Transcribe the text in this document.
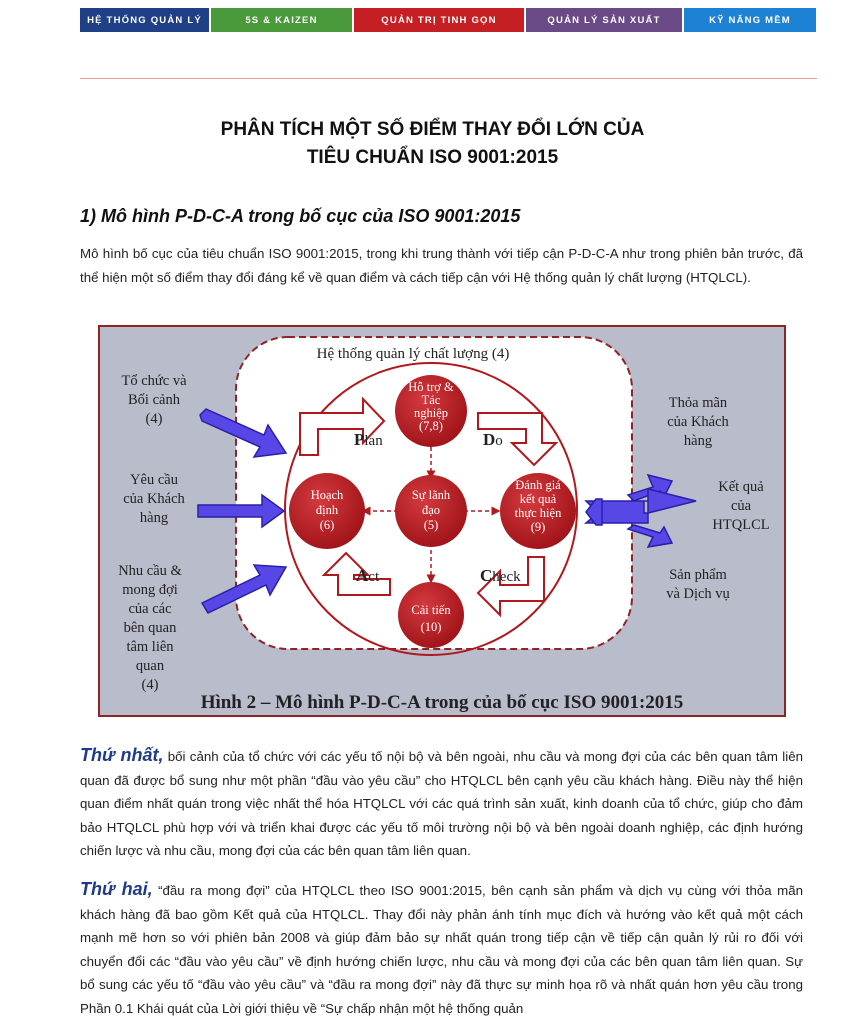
HỆ THỐNG QUẢN LÝ	5S & KAIZEN	QUẢN TRỊ TINH GỌN	QUẢN LÝ SẢN XUẤT	KỸ NĂNG MỀM
PHÂN TÍCH MỘT SỐ ĐIỂM THAY ĐỔI LỚN CỦA
TIÊU CHUẨN ISO 9001:2015
1) Mô hình P-D-C-A trong bố cục của ISO 9001:2015

Mô hình bố cục của tiêu chuẩn ISO 9001:2015, trong khi trung thành với tiếp cận P-D-C-A như trong phiên bản trước, đã thể hiện một số điểm thay đổi đáng kể về quan điểm và cách tiếp cận với Hệ thống quản lý chất lượng (HTQLCL).

Hệ thống quản lý chất lượng (4)
Hỗ trợ & Tác nghiệp (7,8)
Hoạch định (6)
Sự lãnh đạo (5)
Đánh giá kết quả thực hiện (9)
Cải tiến (10)
Plan	Do
Check
Act
Tổ chức và Bối cảnh (4)
Yêu cầu của Khách hàng
Nhu cầu & mong đợi của các bên quan tâm liên quan (4)
Thỏa mãn của Khách hàng
Kết quả của HTQLCL
Sản phẩm và Dịch vụ
Hình 2 – Mô hình P-D-C-A trong của bố cục ISO 9001:2015

Thứ nhất, bối cảnh của tổ chức với các yếu tố nội bộ và bên ngoài, nhu cầu và mong đợi của các bên quan tâm liên quan đã được bổ sung như một phần “đầu vào yêu cầu” cho HTQLCL bên cạnh yêu cầu khách hàng. Điều này thể hiện quan điểm nhất quán trong việc nhất thể hóa HTQLCL với các quá trình sản xuất, kinh doanh của tổ chức, giúp cho đảm bảo HTQLCL phù hợp với và triển khai được các yếu tố môi trường nội bộ và bên ngoài doanh nghiệp, các định hướng chiến lược và nhu cầu, mong đợi của các bên quan tâm liên quan.

Thứ hai, “đầu ra mong đợi” của HTQLCL theo ISO 9001:2015, bên cạnh sản phẩm và dịch vụ cùng với thỏa mãn khách hàng đã bao gồm Kết quả của HTQLCL. Thay đổi này phản ánh tính mục đích và hướng vào kết quả một cách mạnh mẽ hơn so với phiên bản 2008 và giúp đảm bảo sự nhất quán trong tiếp cận về tiếp cận quản lý rủi ro đối với chuyển đổi các “đầu vào yêu cầu” về định hướng chiến lược, nhu cầu và mong đợi của các bên quan tâm liên quan. Sự bổ sung các yếu tố “đầu vào yêu cầu” và “đầu ra mong đợi” này đã thực sự minh họa rõ và nhất quán hơn yêu cầu trong Phần 0.1 Khái quát của Lời giới thiệu về “Sự chấp nhận một hệ thống quản
